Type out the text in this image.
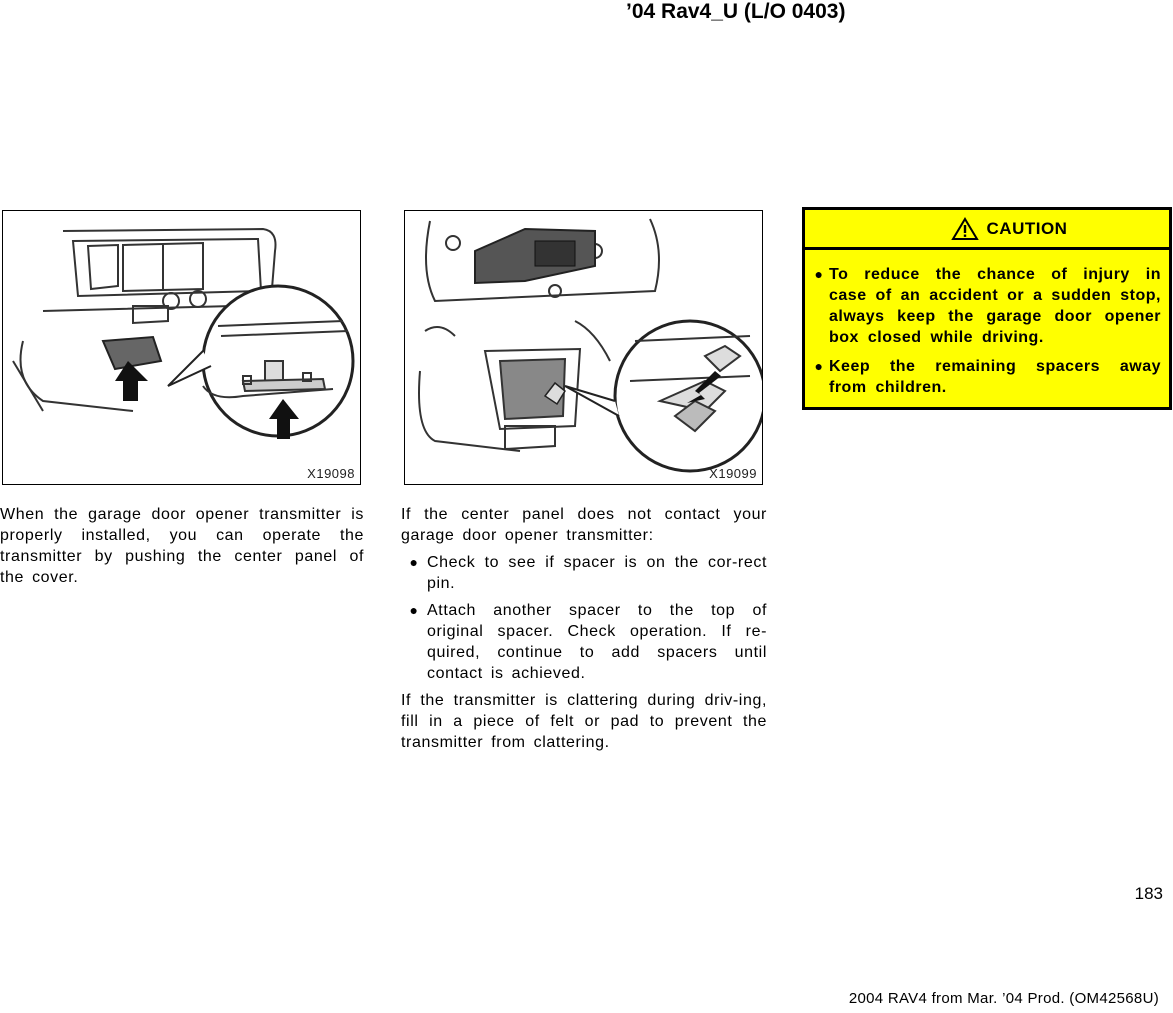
’04 Rav4_U (L/O 0403)
X19098	X19099

When the garage door opener transmitter is properly installed, you can operate the transmitter by pushing the center panel of the cover.

If the center panel does not contact your garage door opener transmitter:

● Check to see if spacer is on the cor-rect pin.
● Attach another spacer to the top of original spacer. Check operation. If re-quired, continue to add spacers until contact is achieved.

If the transmitter is clattering during driv-ing, fill in a piece of felt or pad to prevent the transmitter from clattering.

CAUTION
● To reduce the chance of injury in case of an accident or a sudden stop, always keep the garage door opener box closed while driving.
● Keep the remaining spacers away from children.
183
2004 RAV4 from Mar. ’04 Prod. (OM42568U)
